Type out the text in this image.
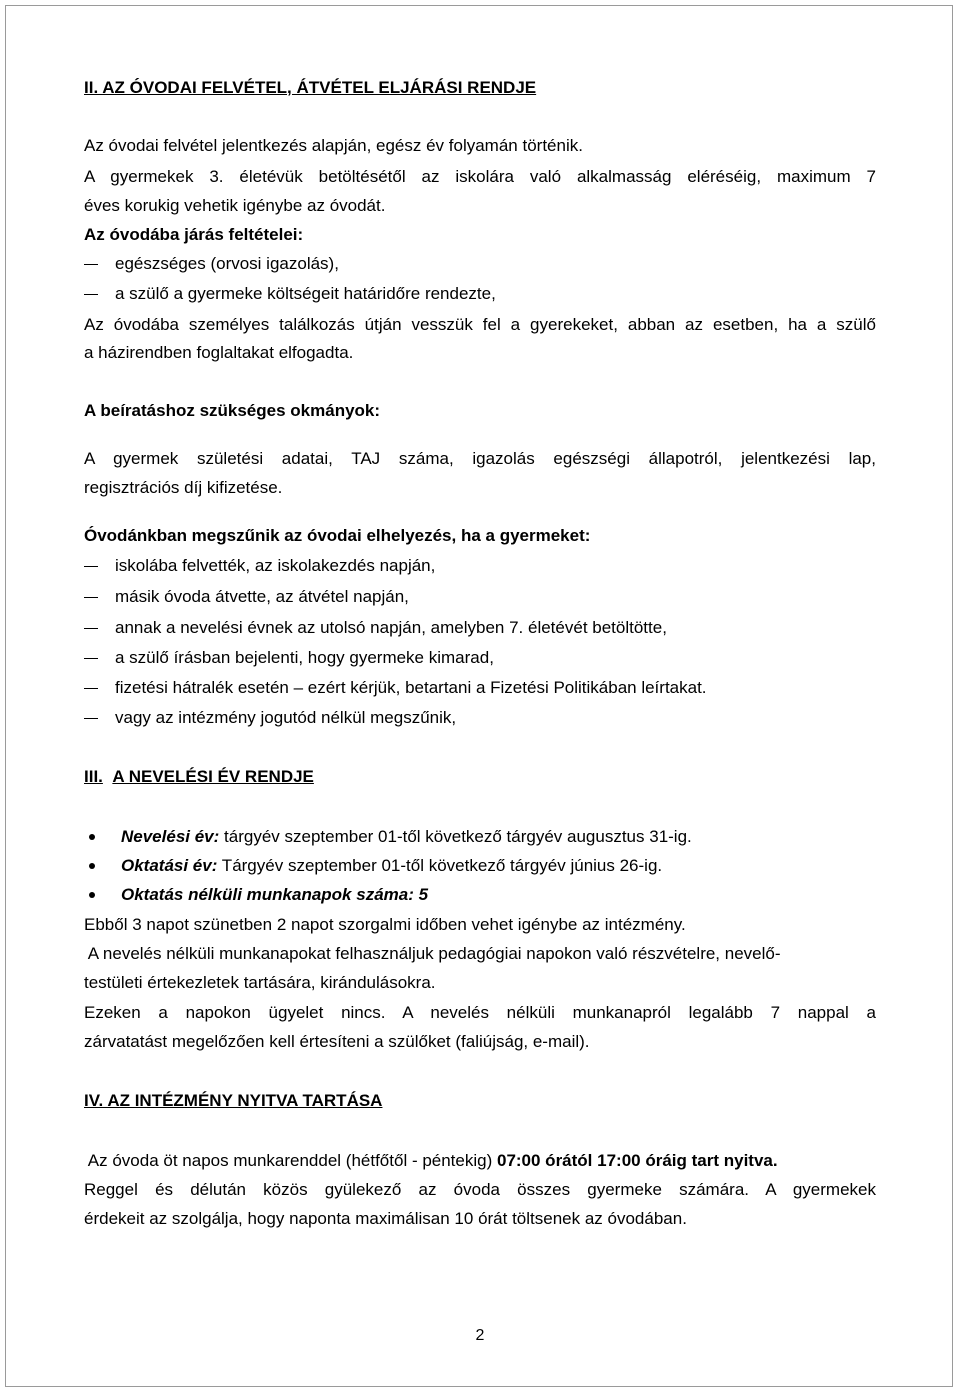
II. AZ ÓVODAI FELVÉTEL, ÁTVÉTEL ELJÁRÁSI RENDJE
Az óvodai felvétel jelentkezés alapján, egész év folyamán történik.
A gyermekek 3. életévük betöltésétől az iskolára való alkalmasság eléréséig, maximum 7
éves korukig vehetik igénybe az óvodát.
Az óvodába járás feltételei:
egészséges (orvosi igazolás),
a szülő a gyermeke költségeit határidőre rendezte,
Az óvodába személyes találkozás útján vesszük fel a gyerekeket, abban az esetben, ha a szülő
a házirendben foglaltakat elfogadta.
A beíratáshoz szükséges okmányok:
A gyermek születési adatai, TAJ száma, igazolás egészségi állapotról, jelentkezési lap,
regisztrációs díj kifizetése.
Óvodánkban megszűnik az óvodai elhelyezés, ha a gyermeket:
iskolába felvették, az iskolakezdés napján,
másik óvoda átvette, az átvétel napján,
annak a nevelési évnek az utolsó napján, amelyben 7. életévét betöltötte,
a szülő írásban bejelenti, hogy gyermeke kimarad,
fizetési hátralék esetén – ezért kérjük, betartani a Fizetési Politikában leírtakat.
vagy az intézmény jogutód nélkül megszűnik,
III. A NEVELÉSI ÉV RENDJE
Nevelési év: tárgyév szeptember 01-től következő tárgyév augusztus 31-ig.
Oktatási év: Tárgyév szeptember 01-től következő tárgyév június 26-ig.
Oktatás nélküli munkanapok száma: 5
Ebből 3 napot szünetben 2 napot szorgalmi időben vehet igénybe az intézmény.
A nevelés nélküli munkanapokat felhasználjuk pedagógiai napokon való részvételre, nevelő-
testületi értekezletek tartására, kirándulásokra.
Ezeken a napokon ügyelet nincs. A nevelés nélküli munkanapról legalább 7 nappal a
zárvatatást megelőzően kell értesíteni a szülőket (faliújság, e-mail).
IV. AZ INTÉZMÉNY NYITVA TARTÁSA
Az óvoda öt napos munkarenddel (hétfőtől - péntekig) 07:00 órától 17:00 óráig tart nyitva.
Reggel és délután közös gyülekező az óvoda összes gyermeke számára. A gyermekek
érdekeit az szolgálja, hogy naponta maximálisan 10 órát töltsenek az óvodában.
2
